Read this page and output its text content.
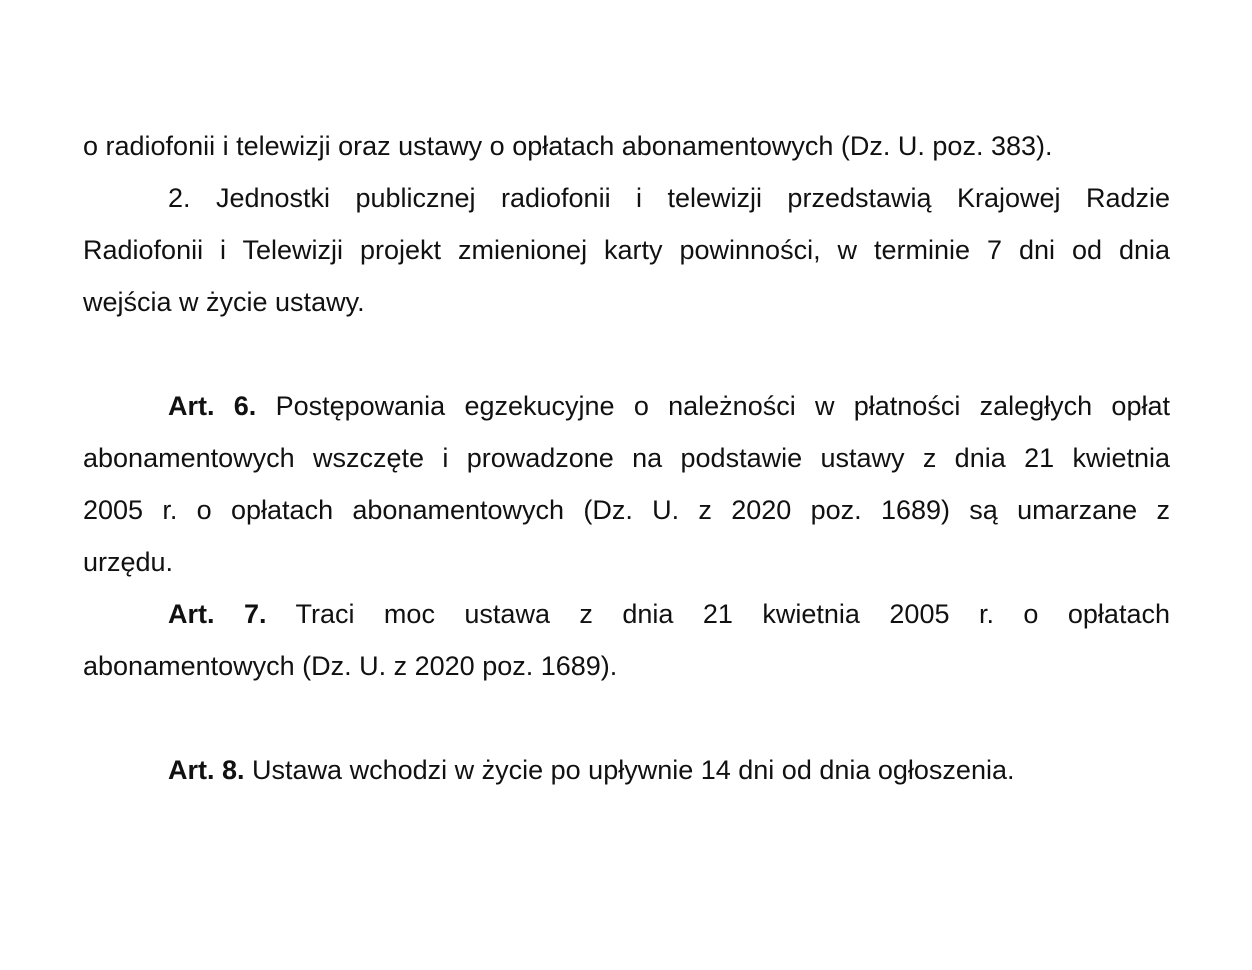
o radiofonii i telewizji oraz ustawy o opłatach abonamentowych (Dz. U. poz. 383).
2. Jednostki publicznej radiofonii i telewizji przedstawią Krajowej Radzie
Radiofonii i Telewizji projekt zmienionej karty powinności, w terminie 7 dni od dnia
wejścia w życie ustawy.
Art. 6. Postępowania egzekucyjne o należności w płatności zaległych opłat
abonamentowych wszczęte i prowadzone na podstawie ustawy z dnia 21 kwietnia
2005 r. o opłatach abonamentowych (Dz. U. z 2020 poz. 1689) są umarzane z
urzędu.
Art. 7. Traci moc ustawa z dnia 21 kwietnia 2005 r. o opłatach
abonamentowych (Dz. U. z 2020 poz. 1689).
Art. 8. Ustawa wchodzi w życie po upływnie 14 dni od dnia ogłoszenia.
